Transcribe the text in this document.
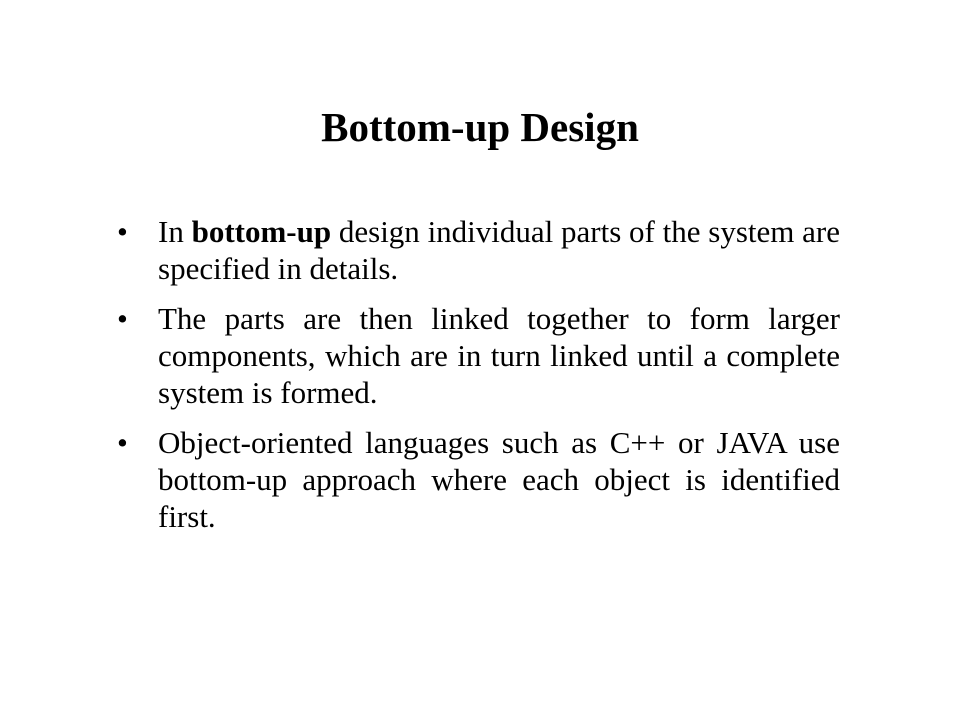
Bottom-up Design
• In bottom-up design individual parts of the system are specified in details.
• The parts are then linked together to form larger components, which are in turn linked until a complete system is formed.
• Object-oriented languages such as C++ or JAVA use bottom-up approach where each object is identified first.
